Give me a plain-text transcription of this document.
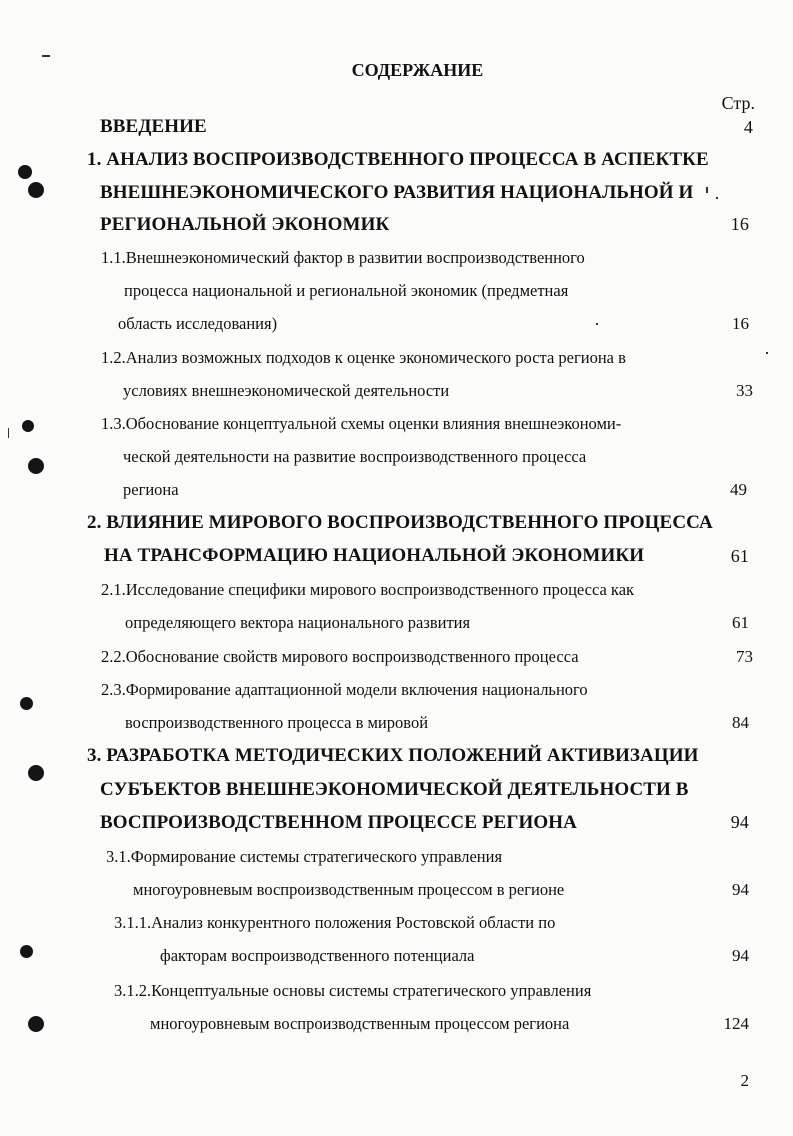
СОДЕРЖАНИЕ
Стр.
ВВЕДЕНИЕ	4
1. АНАЛИЗ ВОСПРОИЗВОДСТВЕННОГО ПРОЦЕССА В АСПЕКТКЕ
ВНЕШНЕЭКОНОМИЧЕСКОГО РАЗВИТИЯ НАЦИОНАЛЬНОЙ И
РЕГИОНАЛЬНОЙ ЭКОНОМИК	16
1.1.Внешнеэкономический фактор в развитии воспроизводственного
процесса национальной и региональной экономик (предметная
область исследования)	16
1.2.Анализ возможных подходов к оценке экономического роста региона в
условиях внешнеэкономической деятельности	33
1.3.Обоснование концептуальной схемы оценки влияния внешнеэкономи-
ческой деятельности на развитие воспроизводственного процесса
региона	49
2. ВЛИЯНИЕ МИРОВОГО ВОСПРОИЗВОДСТВЕННОГО ПРОЦЕССА
НА ТРАНСФОРМАЦИЮ НАЦИОНАЛЬНОЙ ЭКОНОМИКИ	61
2.1.Исследование специфики мирового воспроизводственного процесса как
определяющего вектора национального развития	61
2.2.Обоснование свойств мирового воспроизводственного процесса	73
2.3.Формирование адаптационной модели включения национального
воспроизводственного процесса в мировой	84
3. РАЗРАБОТКА МЕТОДИЧЕСКИХ ПОЛОЖЕНИЙ АКТИВИЗАЦИИ
СУБЪЕКТОВ ВНЕШНЕЭКОНОМИЧЕСКОЙ ДЕЯТЕЛЬНОСТИ В
ВОСПРОИЗВОДСТВЕННОМ ПРОЦЕССЕ РЕГИОНА	94
3.1.Формирование системы стратегического управления
многоуровневым воспроизводственным процессом в регионе	94
3.1.1.Анализ конкурентного положения Ростовской области по
факторам воспроизводственного потенциала	94
3.1.2.Концептуальные основы системы стратегического управления
многоуровневым воспроизводственным процессом региона	124
2
